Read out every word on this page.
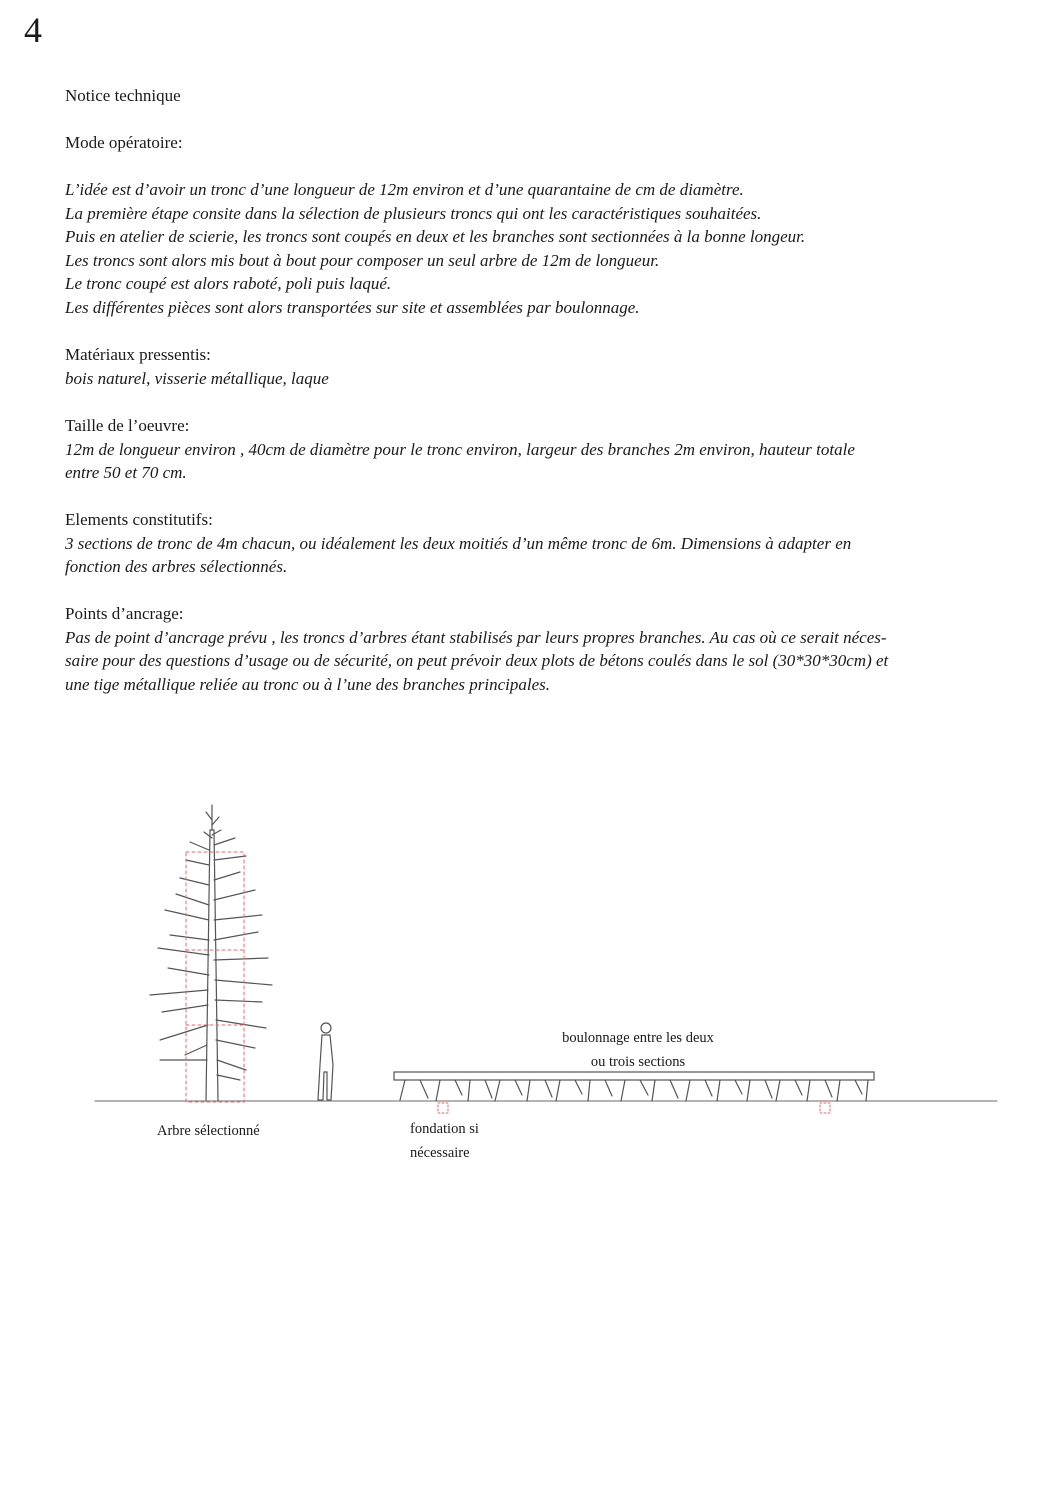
4

Notice technique

Mode opératoire:

L’idée est d’avoir un tronc d’une longueur de 12m environ et d’une quarantaine de cm de diamètre.

La première étape consite dans la sélection de plusieurs troncs qui ont les caractéristiques souhaitées.

Puis en atelier de scierie, les troncs sont coupés en deux et les branches sont sectionnées à la bonne longeur.

Les troncs sont alors mis bout à bout pour composer un seul arbre de 12m de longueur.

Le tronc coupé est alors raboté, poli puis laqué.

Les différentes pièces sont alors transportées sur site et assemblées par boulonnage.

Matériaux pressentis:

bois naturel, visserie métallique, laque

Taille de l’oeuvre:

12m de longueur environ , 40cm de diamètre pour le tronc environ, largeur des branches 2m environ, hauteur totale

entre 50 et 70 cm.

Elements constitutifs:

3 sections de tronc de 4m chacun, ou idéalement les deux moitiés d’un même tronc de 6m. Dimensions à adapter en

fonction des arbres sélectionnés.

Points d’ancrage:

Pas de point d’ancrage prévu , les troncs d’arbres étant stabilisés par leurs propres branches. Au cas où ce serait néces-

saire pour des questions d’usage ou de sécurité, on peut prévoir deux plots de bétons coulés dans le sol (30*30*30cm) et

une tige métallique reliée au tronc ou à l’une des branches principales.

Arbre sélectionné	fondation si
nécessaire
boulonnage entre les deux
ou trois sections
